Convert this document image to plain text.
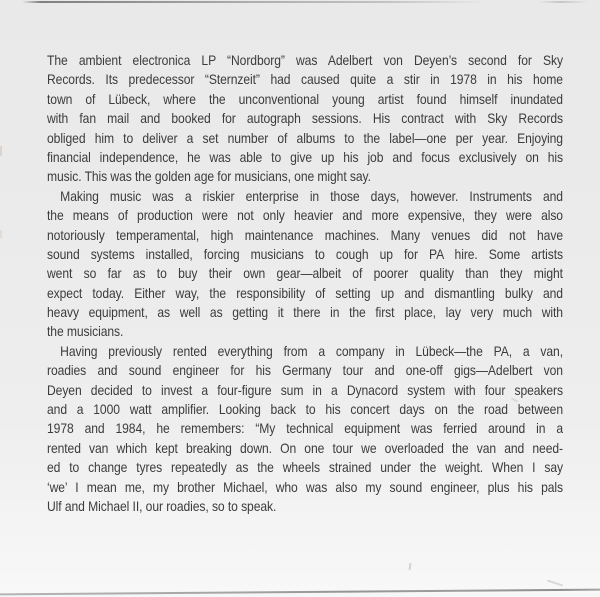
The ambient electronica LP “Nordborg” was Adelbert von Deyen’s second for Sky
Records. Its predecessor “Sternzeit” had caused quite a stir in 1978 in his home
town of Lübeck, where the unconventional young artist found himself inundated
with fan mail and booked for autograph sessions. His contract with Sky Records
obliged him to deliver a set number of albums to the label—one per year. Enjoying
financial independence, he was able to give up his job and focus exclusively on his
music. This was the golden age for musicians, one might say.
Making music was a riskier enterprise in those days, however. Instruments and
the means of production were not only heavier and more expensive, they were also
notoriously temperamental, high maintenance machines. Many venues did not have
sound systems installed, forcing musicians to cough up for PA hire. Some artists
went so far as to buy their own gear—albeit of poorer quality than they might
expect today. Either way, the responsibility of setting up and dismantling bulky and
heavy equipment, as well as getting it there in the first place, lay very much with
the musicians.
Having previously rented everything from a company in Lübeck—the PA, a van,
roadies and sound engineer for his Germany tour and one-off gigs—Adelbert von
Deyen decided to invest a four-figure sum in a Dynacord system with four speakers
and a 1000 watt amplifier. Looking back to his concert days on the road between
1978 and 1984, he remembers: “My technical equipment was ferried around in a
rented van which kept breaking down. On one tour we overloaded the van and need-
ed to change tyres repeatedly as the wheels strained under the weight. When I say
‘we’ I mean me, my brother Michael, who was also my sound engineer, plus his pals
Ulf and Michael II, our roadies, so to speak.
